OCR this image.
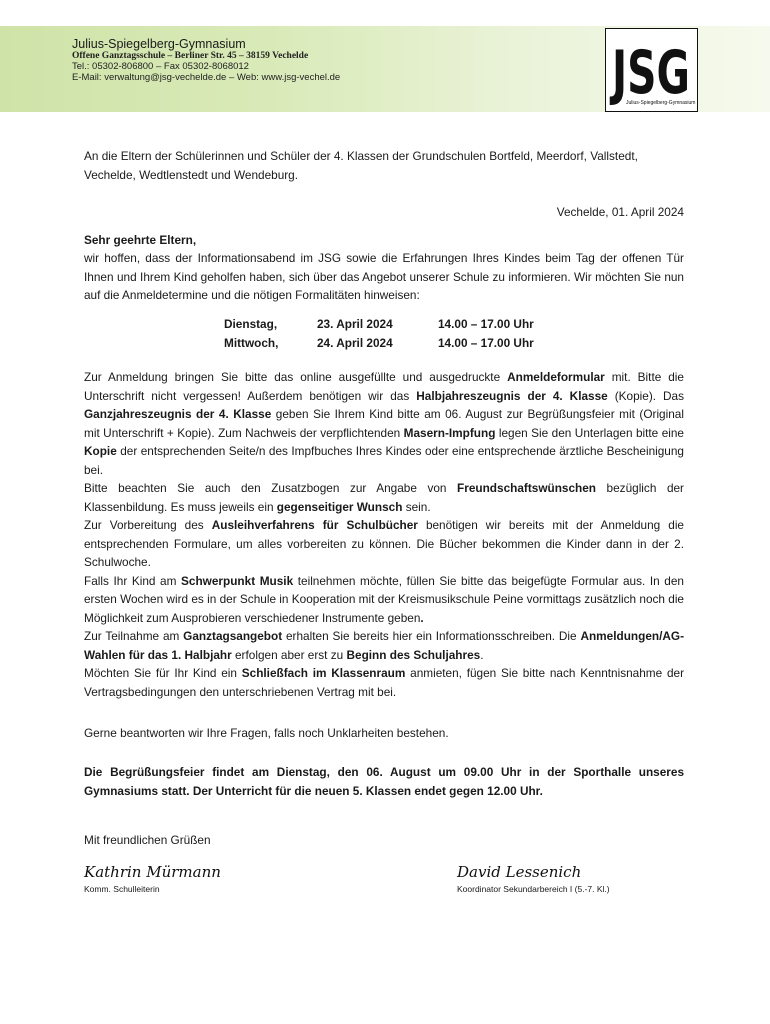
Julius-Spiegelberg-Gymnasium
Offene Ganztagsschule – Berliner Str. 45 – 38159 Vechelde
Tel.: 05302-806800 – Fax 05302-8068012
E-Mail: verwaltung@jsg-vechelde.de – Web: www.jsg-vechel.de	JSG
Julius-Spiegelberg-Gymnasium
An die Eltern der Schülerinnen und Schüler der 4. Klassen der Grundschulen Bortfeld, Meerdorf, Vallstedt, Vechelde, Wedtlenstedt und Wendeburg.
Vechelde, 01. April 2024
Sehr geehrte Eltern,
wir hoffen, dass der Informationsabend im JSG sowie die Erfahrungen Ihres Kindes beim Tag der offenen Tür Ihnen und Ihrem Kind geholfen haben, sich über das Angebot unserer Schule zu informieren. Wir möchten Sie nun auf die Anmeldetermine und die nötigen Formalitäten hinweisen:
Dienstag,	23. April 2024	14.00 – 17.00 Uhr
Mittwoch,	24. April 2024	14.00 – 17.00 Uhr
Zur Anmeldung bringen Sie bitte das online ausgefüllte und ausgedruckte Anmeldeformular mit. Bitte die Unterschrift nicht vergessen! Außerdem benötigen wir das Halbjahreszeugnis der 4. Klasse (Kopie). Das Ganzjahreszeugnis der 4. Klasse geben Sie Ihrem Kind bitte am 06. August zur Begrüßungsfeier mit (Original mit Unterschrift + Kopie). Zum Nachweis der verpflichtenden Masern-Impfung legen Sie den Unterlagen bitte eine Kopie der entsprechenden Seite/n des Impfbuches Ihres Kindes oder eine entsprechende ärztliche Bescheinigung bei.
Bitte beachten Sie auch den Zusatzbogen zur Angabe von Freundschaftswünschen bezüglich der Klassenbildung. Es muss jeweils ein gegenseitiger Wunsch sein.
Zur Vorbereitung des Ausleihverfahrens für Schulbücher benötigen wir bereits mit der Anmeldung die entsprechenden Formulare, um alles vorbereiten zu können. Die Bücher bekommen die Kinder dann in der 2. Schulwoche.
Falls Ihr Kind am Schwerpunkt Musik teilnehmen möchte, füllen Sie bitte das beigefügte Formular aus. In den ersten Wochen wird es in der Schule in Kooperation mit der Kreismusikschule Peine vormittags zusätzlich noch die Möglichkeit zum Ausprobieren verschiedener Instrumente geben.
Zur Teilnahme am Ganztagsangebot erhalten Sie bereits hier ein Informationsschreiben. Die Anmeldungen/AG-Wahlen für das 1. Halbjahr erfolgen aber erst zu Beginn des Schuljahres.
Möchten Sie für Ihr Kind ein Schließfach im Klassenraum anmieten, fügen Sie bitte nach Kenntnisnahme der Vertragsbedingungen den unterschriebenen Vertrag mit bei.
Gerne beantworten wir Ihre Fragen, falls noch Unklarheiten bestehen.
Die Begrüßungsfeier findet am Dienstag, den 06. August um 09.00 Uhr in der Sporthalle unseres Gymnasiums statt. Der Unterricht für die neuen 5. Klassen endet gegen 12.00 Uhr.
Mit freundlichen Grüßen
Kathrin Mürmann
Komm. Schulleiterin
David Lessenich
Koordinator Sekundarbereich I (5.-7. Kl.)
